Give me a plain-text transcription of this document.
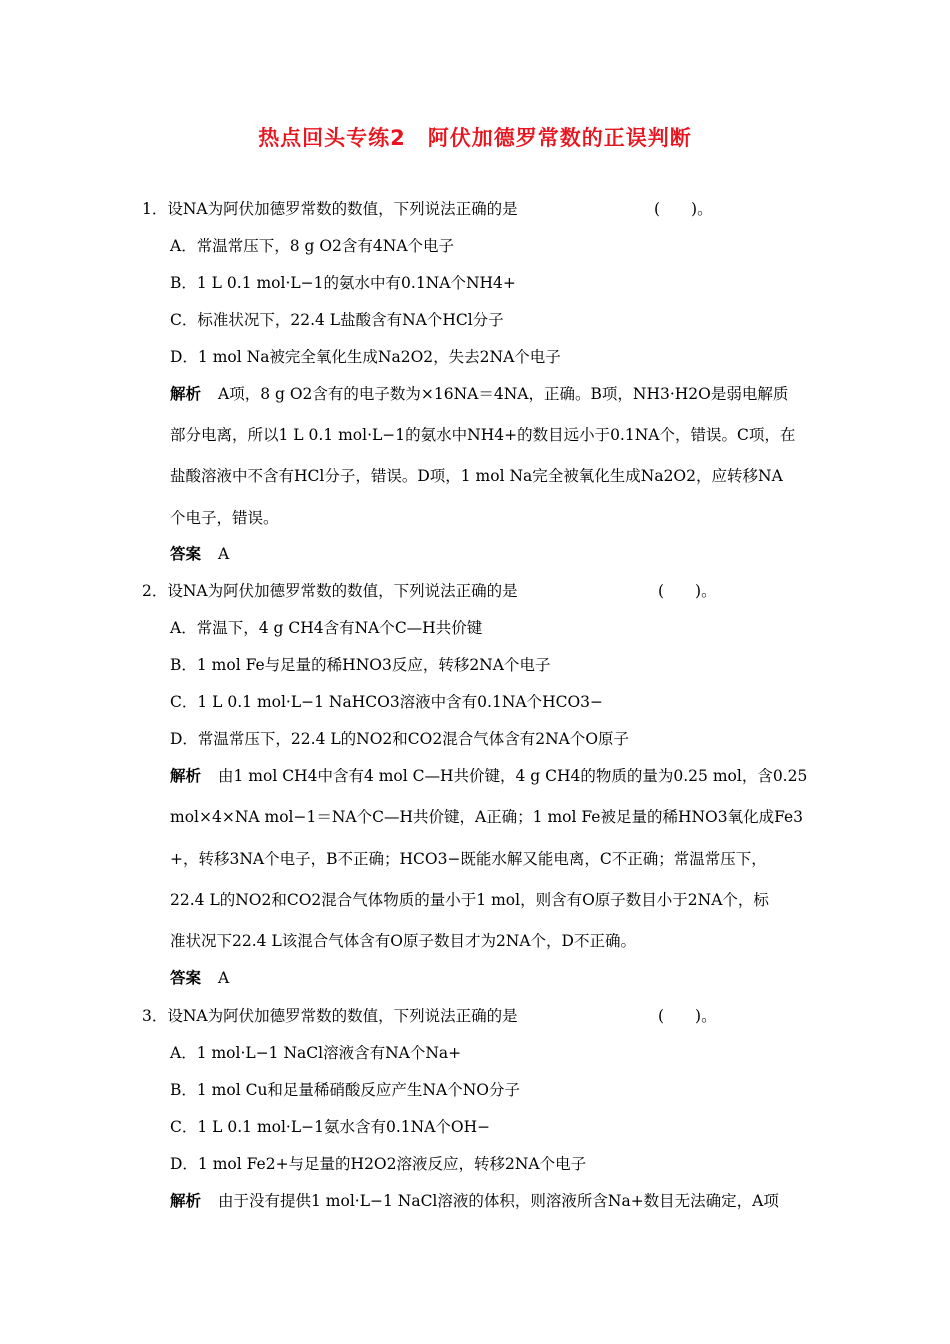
热点回头专练2　阿伏加德罗常数的正误判断
1．设NA为阿伏加德罗常数的数值，下列说法正确的是	(　　)。
A．常温常压下，8 g O2含有4NA个电子
B．1 L 0.1 mol·L−1的氨水中有0.1NA个NH4+
C．标准状况下，22.4 L盐酸含有NA个HCl分子
D．1 mol Na被完全氧化生成Na2O2，失去2NA个电子
解析 A项，8 g O2含有的电子数为×16NA＝4NA，正确。B项，NH3·H2O是弱电解质
部分电离，所以1 L 0.1 mol·L−1的氨水中NH4+的数目远小于0.1NA个，错误。C项，在
盐酸溶液中不含有HCl分子，错误。D项，1 mol Na完全被氧化生成Na2O2，应转移NA
个电子，错误。
答案 A
2．设NA为阿伏加德罗常数的数值，下列说法正确的是	(　　)。
A．常温下，4 g CH4含有NA个C—H共价键
B．1 mol Fe与足量的稀HNO3反应，转移2NA个电子
C．1 L 0.1 mol·L−1 NaHCO3溶液中含有0.1NA个HCO3−
D．常温常压下，22.4 L的NO2和CO2混合气体含有2NA个O原子
解析 由1 mol CH4中含有4 mol C—H共价键，4 g CH4的物质的量为0.25 mol，含0.25
mol×4×NA mol−1＝NA个C—H共价键，A正确；1 mol Fe被足量的稀HNO3氧化成Fe3
+，转移3NA个电子，B不正确；HCO3−既能水解又能电离，C不正确；常温常压下，
22.4 L的NO2和CO2混合气体物质的量小于1 mol，则含有O原子数目小于2NA个，标
准状况下22.4 L该混合气体含有O原子数目才为2NA个，D不正确。
答案 A
3．设NA为阿伏加德罗常数的数值，下列说法正确的是	(　　)。
A．1 mol·L−1 NaCl溶液含有NA个Na+
B．1 mol Cu和足量稀硝酸反应产生NA个NO分子
C．1 L 0.1 mol·L−1氨水含有0.1NA个OH−
D．1 mol Fe2+与足量的H2O2溶液反应，转移2NA个电子
解析 由于没有提供1 mol·L−1 NaCl溶液的体积，则溶液所含Na+数目无法确定，A项
